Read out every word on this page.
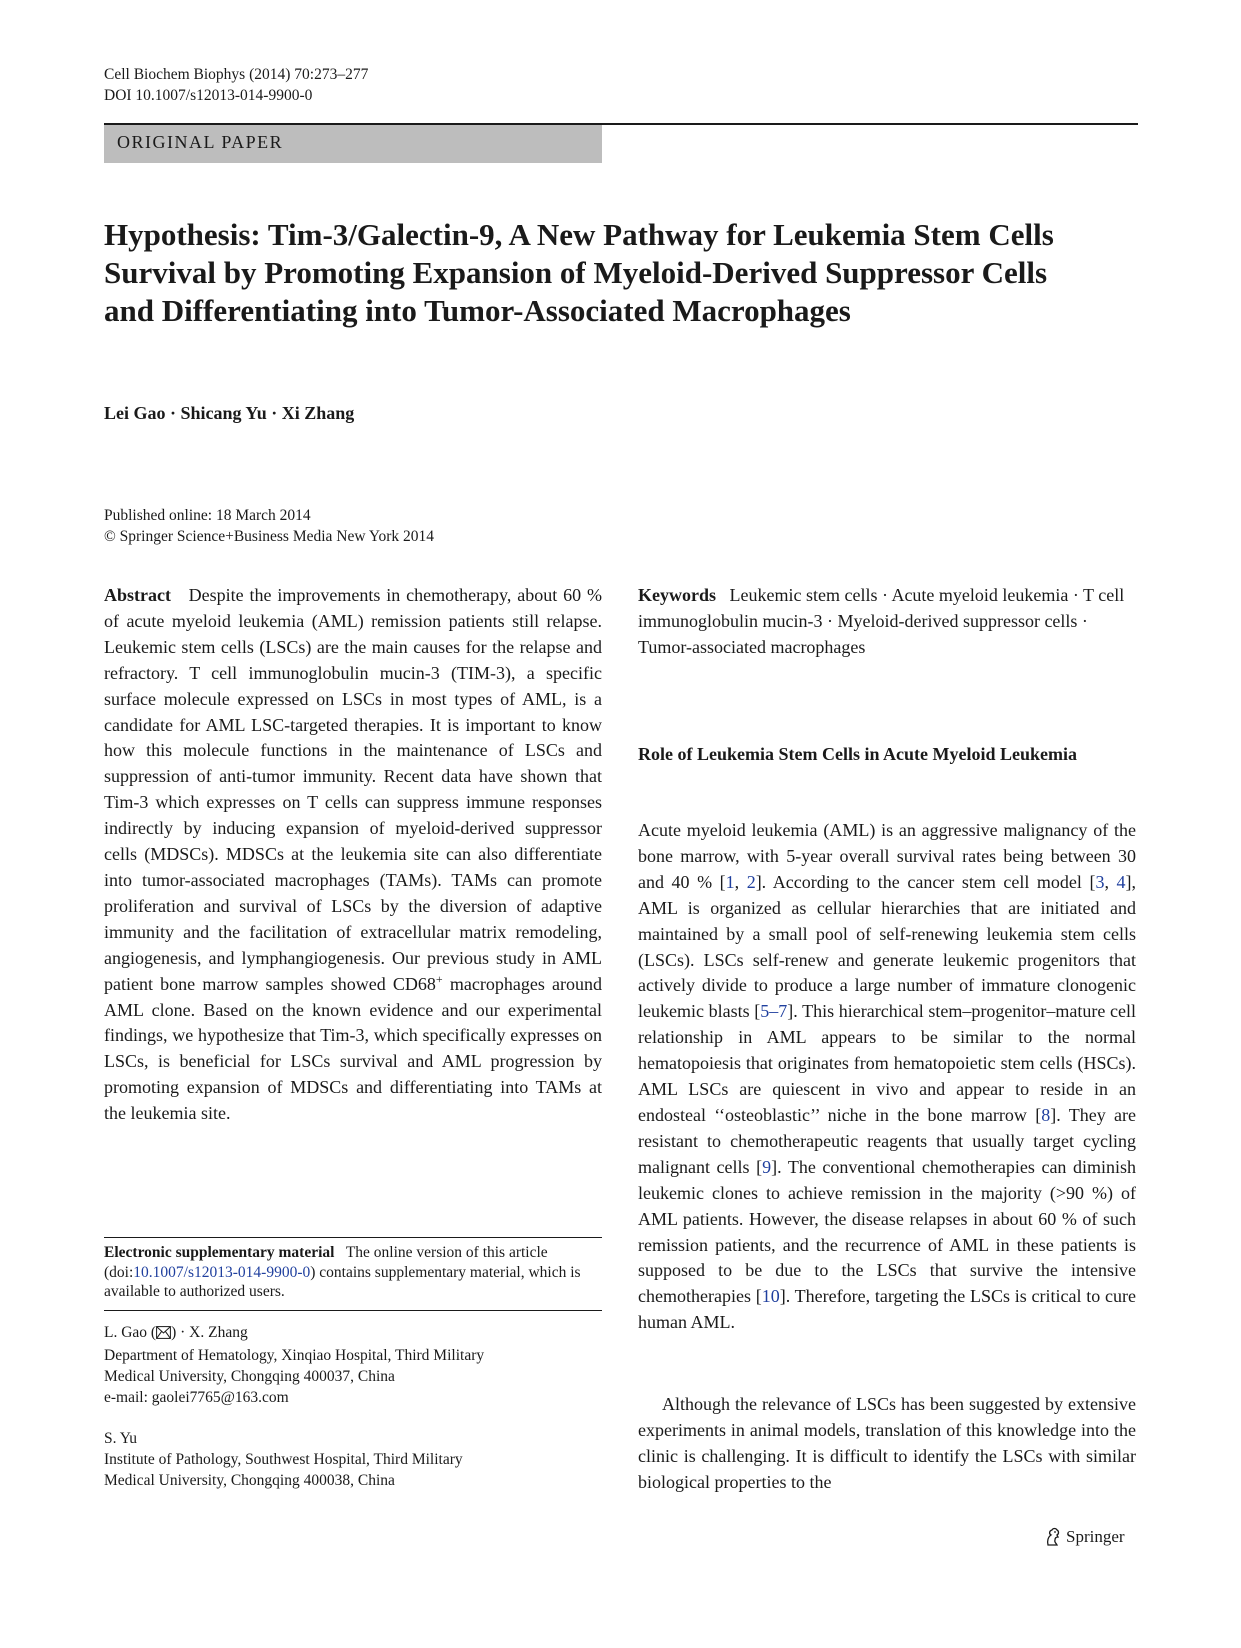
Cell Biochem Biophys (2014) 70:273–277
DOI 10.1007/s12013-014-9900-0
ORIGINAL PAPER
Hypothesis: Tim-3/Galectin-9, A New Pathway for Leukemia Stem Cells Survival by Promoting Expansion of Myeloid-Derived Suppressor Cells and Differentiating into Tumor-Associated Macrophages
Lei Gao · Shicang Yu · Xi Zhang
Published online: 18 March 2014
© Springer Science+Business Media New York 2014

Abstract Despite the improvements in chemotherapy, about 60 % of acute myeloid leukemia (AML) remission patients still relapse. Leukemic stem cells (LSCs) are the main causes for the relapse and refractory. T cell immunoglobulin mucin-3 (TIM-3), a specific surface molecule expressed on LSCs in most types of AML, is a candidate for AML LSC-targeted therapies. It is important to know how this molecule functions in the maintenance of LSCs and suppression of anti-tumor immunity. Recent data have shown that Tim-3 which expresses on T cells can suppress immune responses indirectly by inducing expansion of myeloid-derived suppressor cells (MDSCs). MDSCs at the leukemia site can also differentiate into tumor-associated macrophages (TAMs). TAMs can promote proliferation and survival of LSCs by the diversion of adaptive immunity and the facilitation of extracellular matrix remodeling, angiogenesis, and lymphangiogenesis. Our previous study in AML patient bone marrow samples showed CD68+ macrophages around AML clone. Based on the known evidence and our experimental findings, we hypothesize that Tim-3, which specifically expresses on LSCs, is beneficial for LSCs survival and AML progression by promoting expansion of MDSCs and differentiating into TAMs at the leukemia site.

Electronic supplementary material The online version of this article (doi:10.1007/s12013-014-9900-0) contains supplementary material, which is available to authorized users.
L. Gao ( ) · X. Zhang
Department of Hematology, Xinqiao Hospital, Third Military
Medical University, Chongqing 400037, China
e-mail: gaolei7765@163.com
S. Yu
Institute of Pathology, Southwest Hospital, Third Military
Medical University, Chongqing 400038, China
Keywords Leukemic stem cells · Acute myeloid leukemia · T cell immunoglobulin mucin-3 · Myeloid-derived suppressor cells · Tumor-associated macrophages
Role of Leukemia Stem Cells in Acute Myeloid Leukemia

Acute myeloid leukemia (AML) is an aggressive malignancy of the bone marrow, with 5-year overall survival rates being between 30 and 40 % [1, 2]. According to the cancer stem cell model [3, 4], AML is organized as cellular hierarchies that are initiated and maintained by a small pool of self-renewing leukemia stem cells (LSCs). LSCs self-renew and generate leukemic progenitors that actively divide to produce a large number of immature clonogenic leukemic blasts [5–7]. This hierarchical stem–progenitor–mature cell relationship in AML appears to be similar to the normal hematopoiesis that originates from hematopoietic stem cells (HSCs). AML LSCs are quiescent in vivo and appear to reside in an endosteal ‘‘osteoblastic’’ niche in the bone marrow [8]. They are resistant to chemotherapeutic reagents that usually target cycling malignant cells [9]. The conventional chemotherapies can diminish leukemic clones to achieve remission in the majority (>90 %) of AML patients. However, the disease relapses in about 60 % of such remission patients, and the recurrence of AML in these patients is supposed to be due to the LSCs that survive the intensive chemotherapies [10]. Therefore, targeting the LSCs is critical to cure human AML.

Although the relevance of LSCs has been suggested by extensive experiments in animal models, translation of this knowledge into the clinic is challenging. It is difficult to identify the LSCs with similar biological properties to the
Springer
